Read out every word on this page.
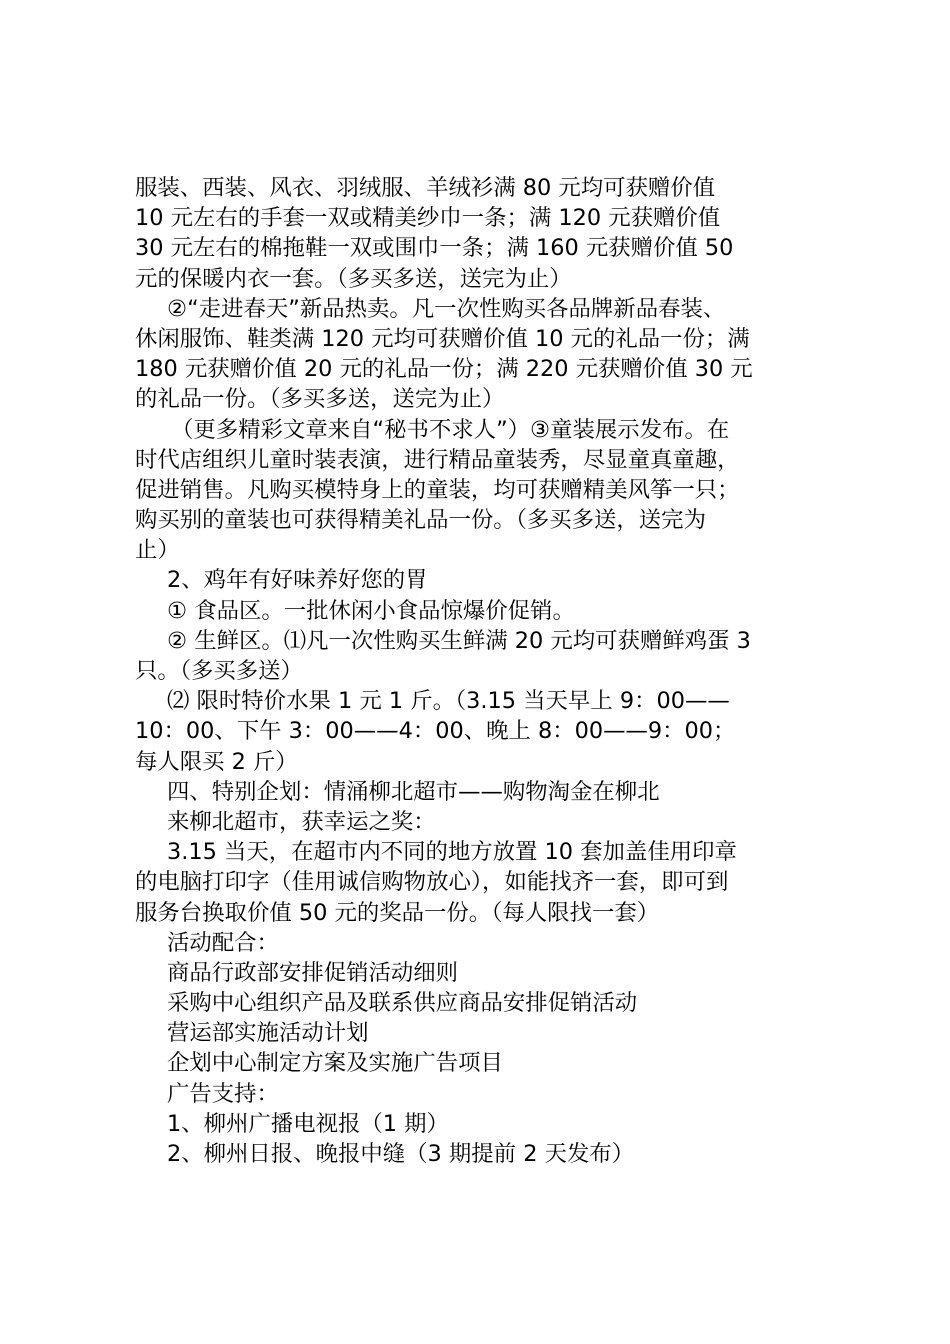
服装、西装、风衣、羽绒服、羊绒衫满 80 元均可获赠价值
10 元左右的手套一双或精美纱巾一条；满 120 元获赠价值
30 元左右的棉拖鞋一双或围巾一条；满 160 元获赠价值 50
元的保暖内衣一套。（多买多送，送完为止）
②“走进春天”新品热卖。凡一次性购买各品牌新品春装、
休闲服饰、鞋类满 120 元均可获赠价值 10 元的礼品一份；满
180 元获赠价值 20 元的礼品一份；满 220 元获赠价值 30 元
的礼品一份。（多买多送，送完为止）
（更多精彩文章来自“秘书不求人”）③童装展示发布。在
时代店组织儿童时装表演，进行精品童装秀，尽显童真童趣，
促进销售。凡购买模特身上的童装，均可获赠精美风筝一只；
购买别的童装也可获得精美礼品一份。（多买多送，送完为
止）
2、鸡年有好味养好您的胃
① 食品区。一批休闲小食品惊爆价促销。
② 生鲜区。⑴凡一次性购买生鲜满 20 元均可获赠鲜鸡蛋 3
只。（多买多送）
⑵ 限时特价水果 1 元 1 斤。（3.15 当天早上 9：00——
10：00、下午 3：00——4：00、晚上 8：00——9：00；
每人限买 2 斤）
四、特别企划：情涌柳北超市——购物淘金在柳北
来柳北超市，获幸运之奖：
3.15 当天，在超市内不同的地方放置 10 套加盖佳用印章
的电脑打印字（佳用诚信购物放心），如能找齐一套，即可到
服务台换取价值 50 元的奖品一份。（每人限找一套）
活动配合：
商品行政部安排促销活动细则
采购中心组织产品及联系供应商品安排促销活动
营运部实施活动计划
企划中心制定方案及实施广告项目
广告支持：
1、柳州广播电视报（1 期）
2、柳州日报、晚报中缝（3 期提前 2 天发布）
